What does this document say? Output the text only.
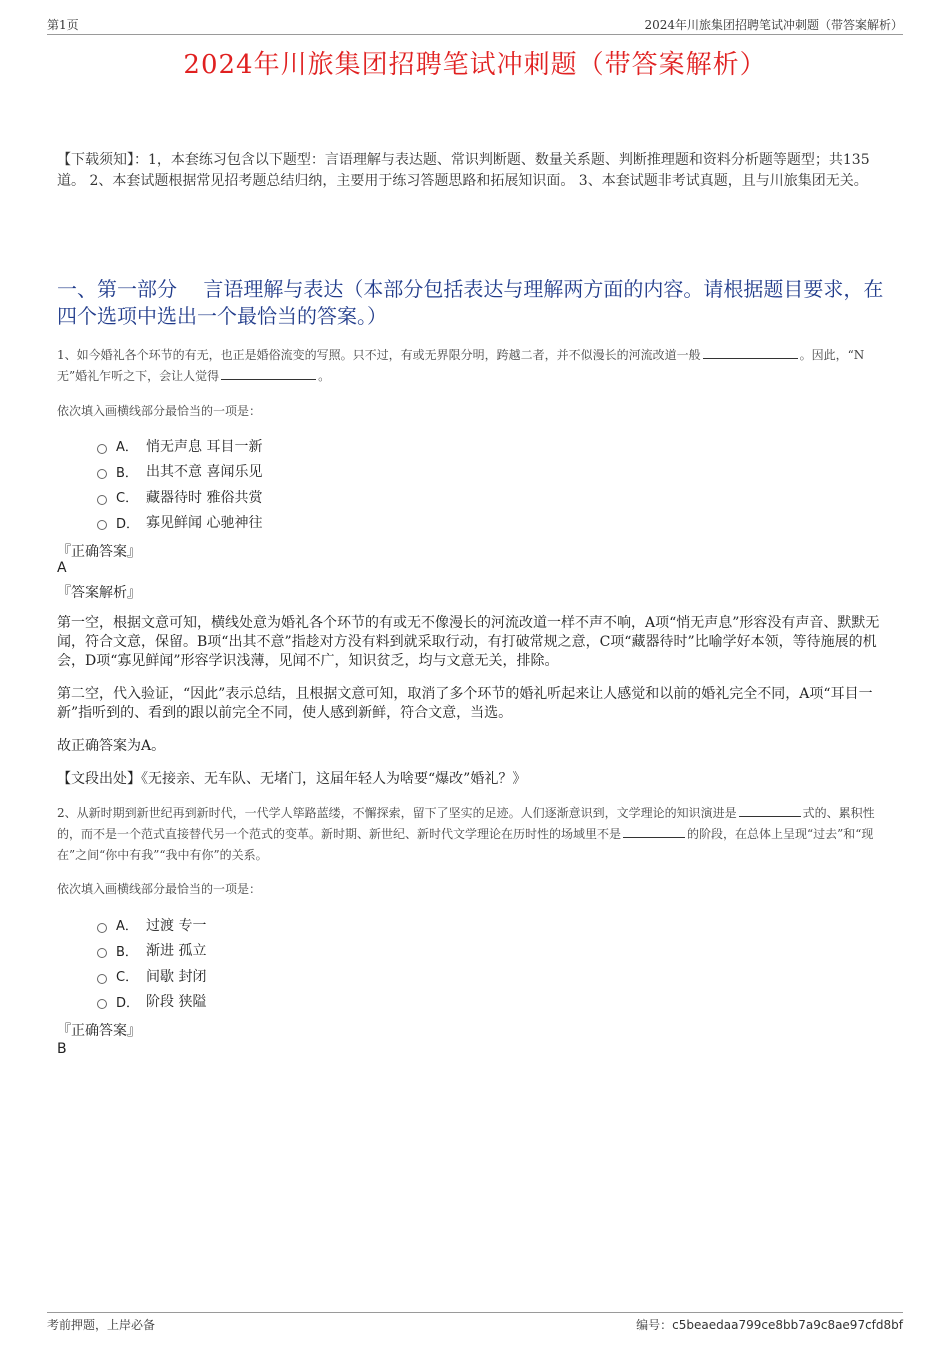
第1页	2024年川旅集团招聘笔试冲刺题（带答案解析）
2024年川旅集团招聘笔试冲刺题（带答案解析）
【下载须知】：1，本套练习包含以下题型：言语理解与表达题、常识判断题、数量关系题、判断推理题和资料分析题等题型；共135道。 2、本套试题根据常见招考题总结归纳，主要用于练习答题思路和拓展知识面。 3、本套试题非考试真题，且与川旅集团无关。
一、第一部分　 言语理解与表达（本部分包括表达与理解两方面的内容。请根据题目要求，在四个选项中选出一个最恰当的答案。）
1、如今婚礼各个环节的有无，也正是婚俗流变的写照。只不过，有或无界限分明，跨越二者，并不似漫长的河流改道一般	。因此，“N无”婚礼乍听之下，会让人觉得	。
依次填入画横线部分最恰当的一项是：
A． 悄无声息 耳目一新
B． 出其不意 喜闻乐见
C． 藏器待时 雅俗共赏
D． 寡见鲜闻 心驰神往
『正确答案』
A
『答案解析』
第一空，根据文意可知，横线处意为婚礼各个环节的有或无不像漫长的河流改道一样不声不响，A项“悄无声息”形容没有声音、默默无闻，符合文意，保留。B项“出其不意”指趁对方没有料到就采取行动，有打破常规之意，C项“藏器待时”比喻学好本领，等待施展的机会，D项“寡见鲜闻”形容学识浅薄，见闻不广，知识贫乏，均与文意无关，排除。
第二空，代入验证，“因此”表示总结，且根据文意可知，取消了多个环节的婚礼听起来让人感觉和以前的婚礼完全不同，A项“耳目一新”指听到的、看到的跟以前完全不同，使人感到新鲜，符合文意，当选。
故正确答案为A。
【文段出处】《无接亲、无车队、无堵门，这届年轻人为啥要“爆改”婚礼？》
2、从新时期到新世纪再到新时代，一代学人筚路蓝缕，不懈探索，留下了坚实的足迹。人们逐渐意识到，文学理论的知识演进是	式的、累积性的，而不是一个范式直接替代另一个范式的变革。新时期、新世纪、新时代文学理论在历时性的场域里不是	的阶段，在总体上呈现“过去”和“现在”之间“你中有我”“我中有你”的关系。
依次填入画横线部分最恰当的一项是：
A． 过渡 专一
B． 渐进 孤立
C． 间歇 封闭
D． 阶段 狭隘
『正确答案』
B
考前押题，上岸必备	编号：c5beaedaa799ce8bb7a9c8ae97cfd8bf
